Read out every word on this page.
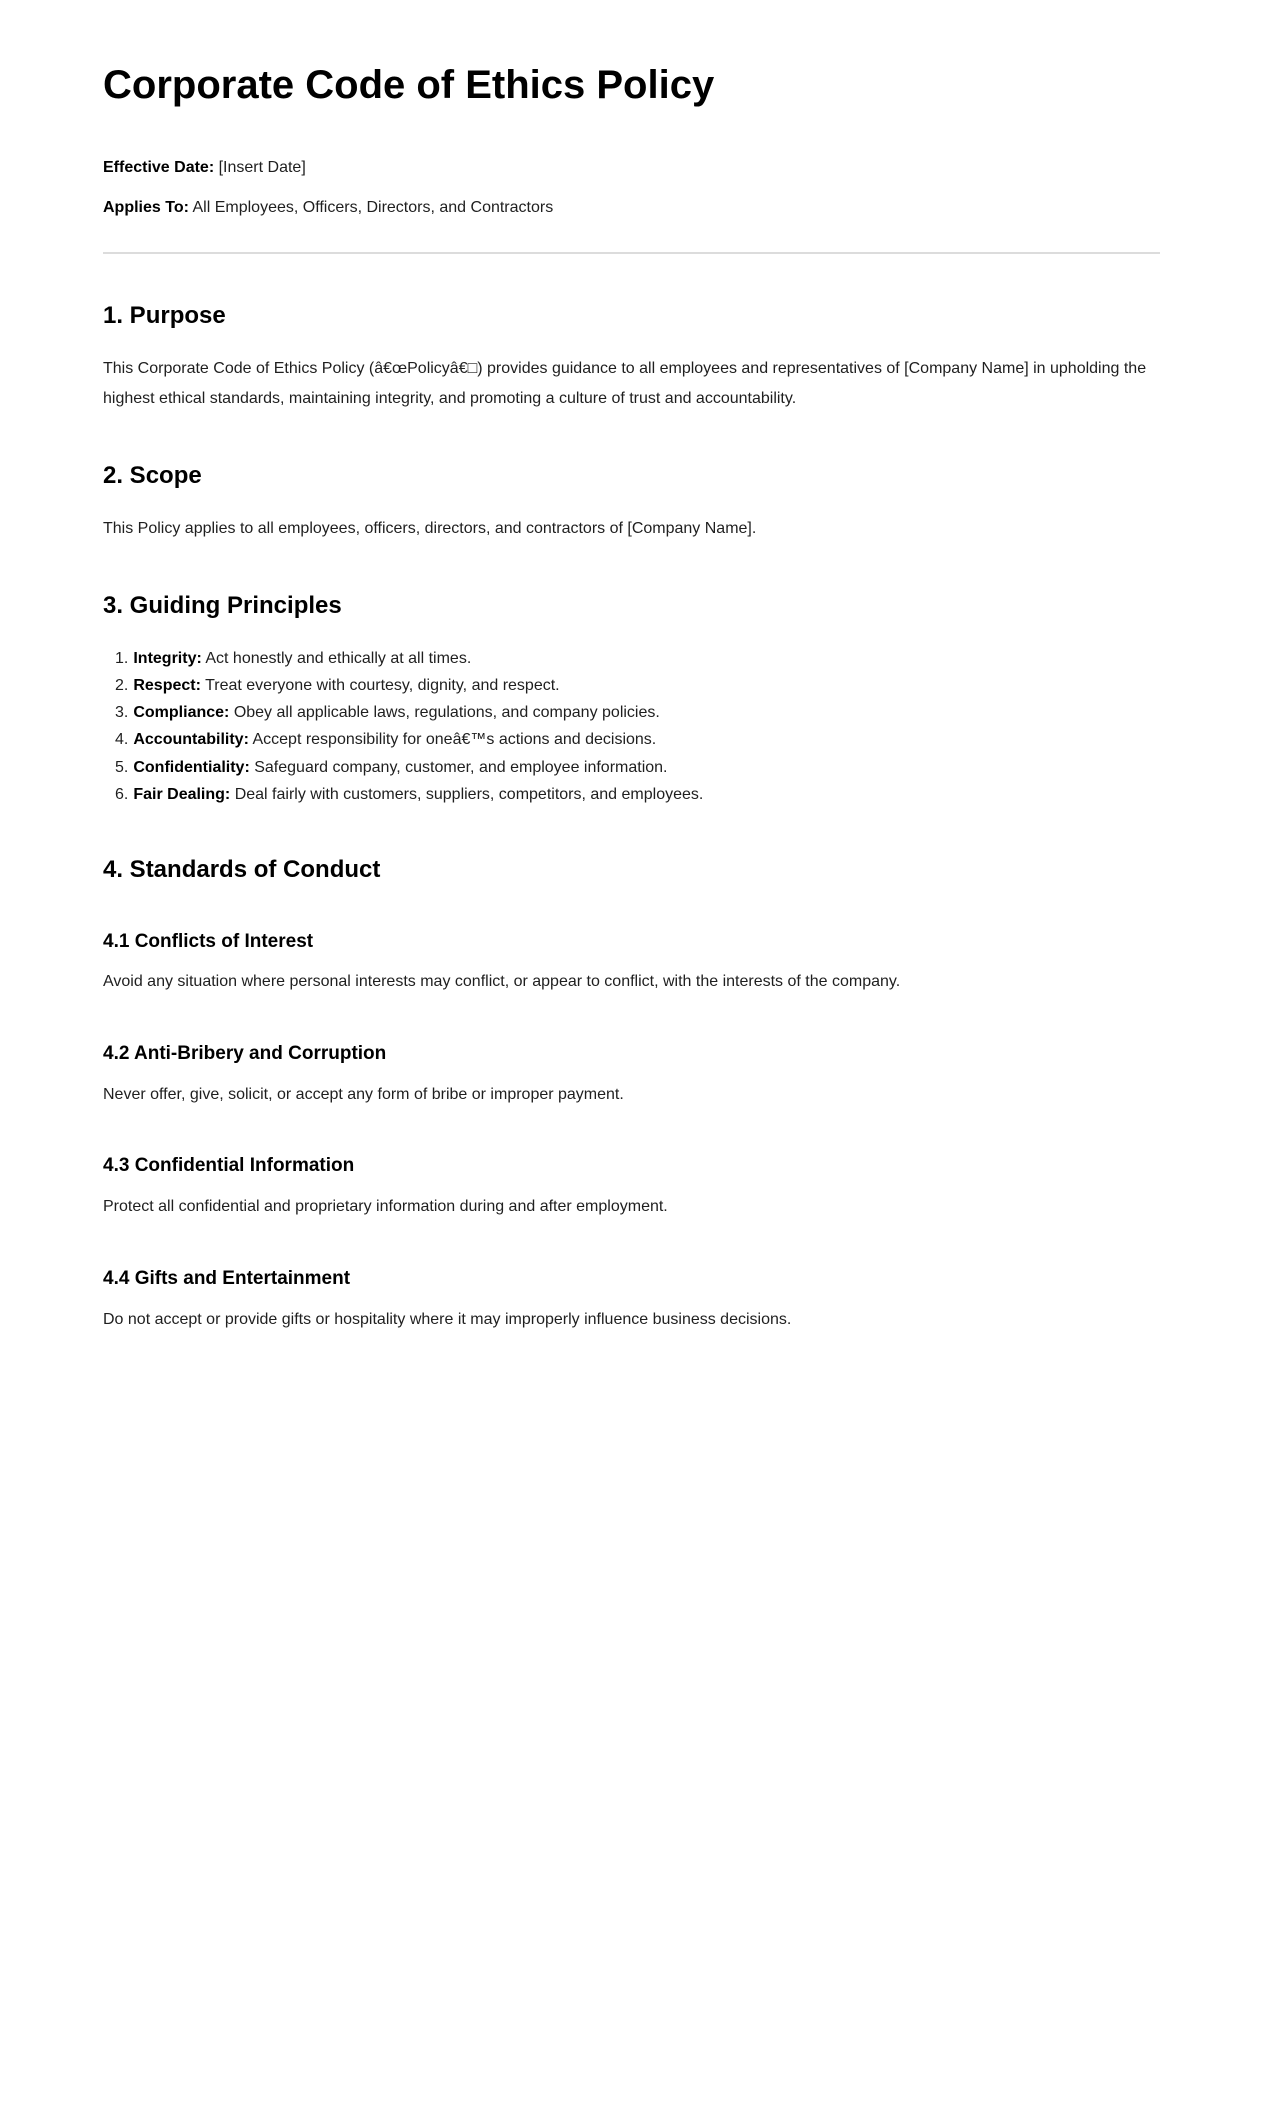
Corporate Code of Ethics Policy

Effective Date: [Insert Date]

Applies To: All Employees, Officers, Directors, and Contractors

1. Purpose

This Corporate Code of Ethics Policy (â€œPolicyâ€□) provides guidance to all employees and representatives of [Company Name] in upholding the highest ethical standards, maintaining integrity, and promoting a culture of trust and accountability.

2. Scope

This Policy applies to all employees, officers, directors, and contractors of [Company Name].

3. Guiding Principles
1. Integrity: Act honestly and ethically at all times.
2. Respect: Treat everyone with courtesy, dignity, and respect.
3. Compliance: Obey all applicable laws, regulations, and company policies.
4. Accountability: Accept responsibility for oneâ€™s actions and decisions.
5. Confidentiality: Safeguard company, customer, and employee information.
6. Fair Dealing: Deal fairly with customers, suppliers, competitors, and employees.
4. Standards of Conduct
4.1 Conflicts of Interest

Avoid any situation where personal interests may conflict, or appear to conflict, with the interests of the company.

4.2 Anti-Bribery and Corruption

Never offer, give, solicit, or accept any form of bribe or improper payment.

4.3 Confidential Information

Protect all confidential and proprietary information during and after employment.

4.4 Gifts and Entertainment

Do not accept or provide gifts or hospitality where it may improperly influence business decisions.
